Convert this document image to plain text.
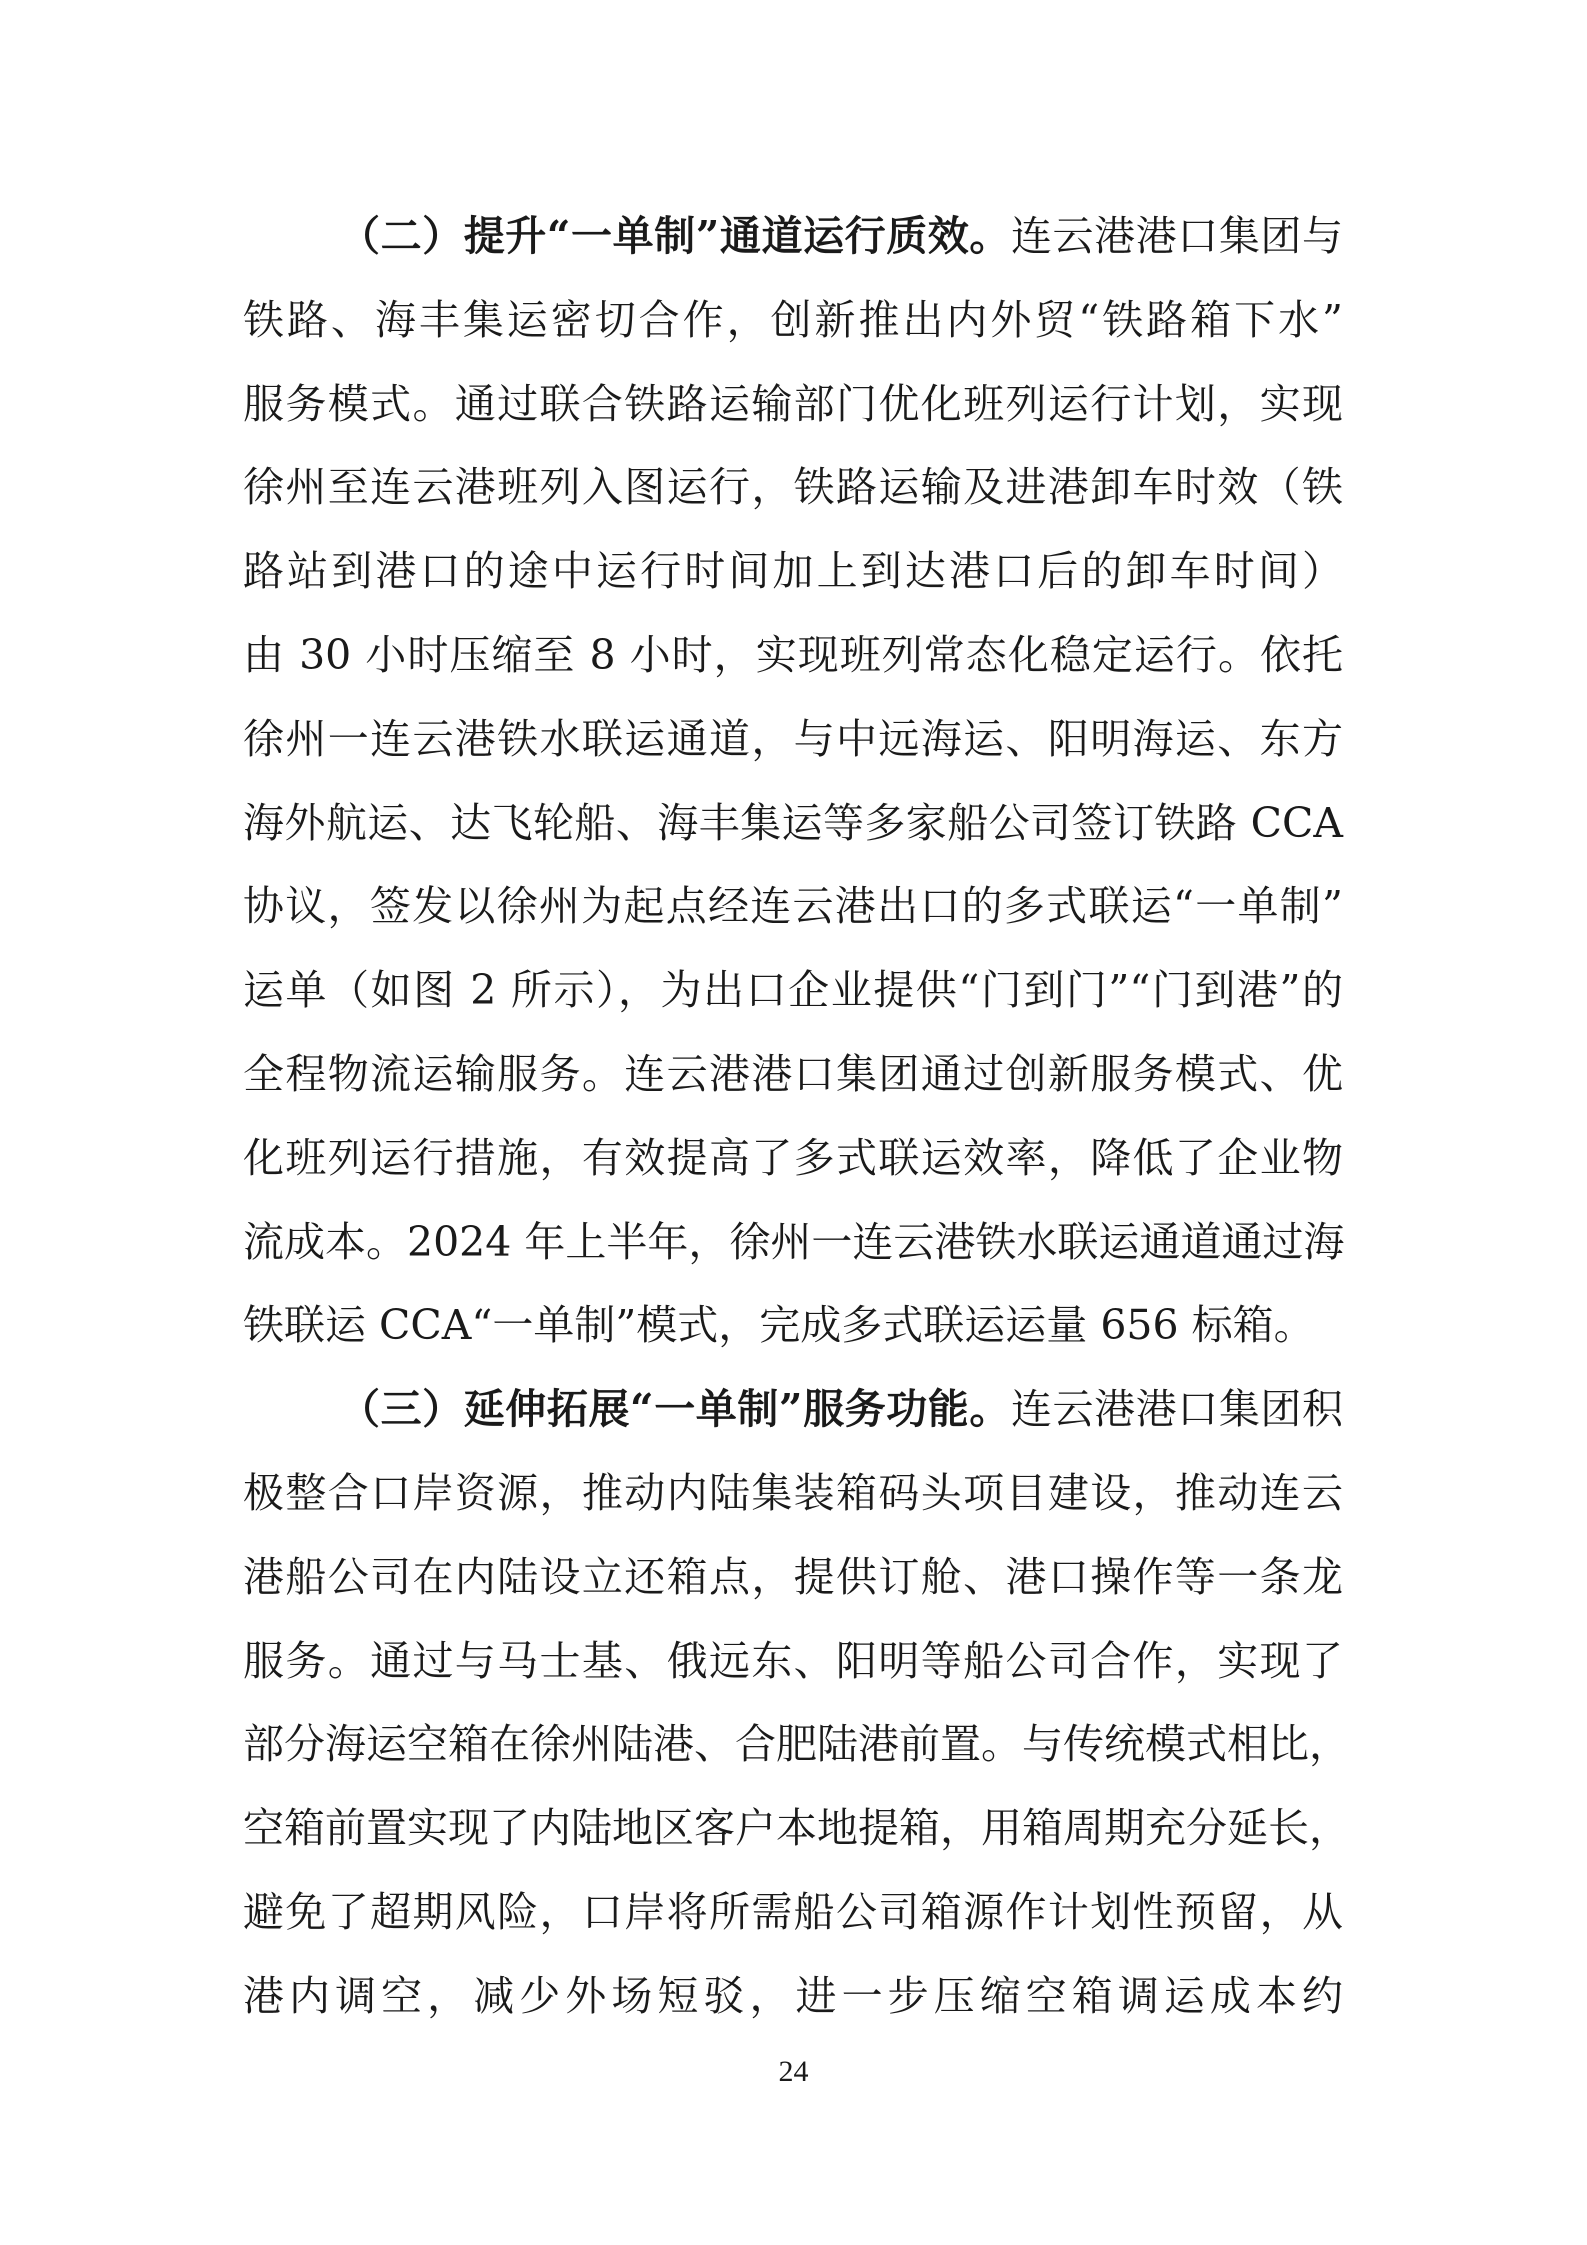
（二）提升“一单制”通道运行质效。连云港港口集团与
铁路、海丰集运密切合作，创新推出内外贸“铁路箱下水”
服务模式。通过联合铁路运输部门优化班列运行计划，实现
徐州至连云港班列入图运行，铁路运输及进港卸车时效（铁
路站到港口的途中运行时间加上到达港口后的卸车时间）
由 30 小时压缩至 8 小时，实现班列常态化稳定运行。依托
徐州一连云港铁水联运通道，与中远海运、阳明海运、东方
海外航运、达飞轮船、海丰集运等多家船公司签订铁路 CCA
协议，签发以徐州为起点经连云港出口的多式联运“一单制”
运单（如图 2 所示），为出口企业提供“门到门”“门到港”的
全程物流运输服务。连云港港口集团通过创新服务模式、优
化班列运行措施，有效提高了多式联运效率，降低了企业物
流成本。2024 年上半年，徐州一连云港铁水联运通道通过海
铁联运 CCA“一单制”模式，完成多式联运运量 656 标箱。
（三）延伸拓展“一单制”服务功能。连云港港口集团积
极整合口岸资源，推动内陆集装箱码头项目建设，推动连云
港船公司在内陆设立还箱点，提供订舱、港口操作等一条龙
服务。通过与马士基、俄远东、阳明等船公司合作，实现了
部分海运空箱在徐州陆港、合肥陆港前置。与传统模式相比，
空箱前置实现了内陆地区客户本地提箱，用箱周期充分延长，
避免了超期风险，口岸将所需船公司箱源作计划性预留，从
港内调空，减少外场短驳，进一步压缩空箱调运成本约
24
